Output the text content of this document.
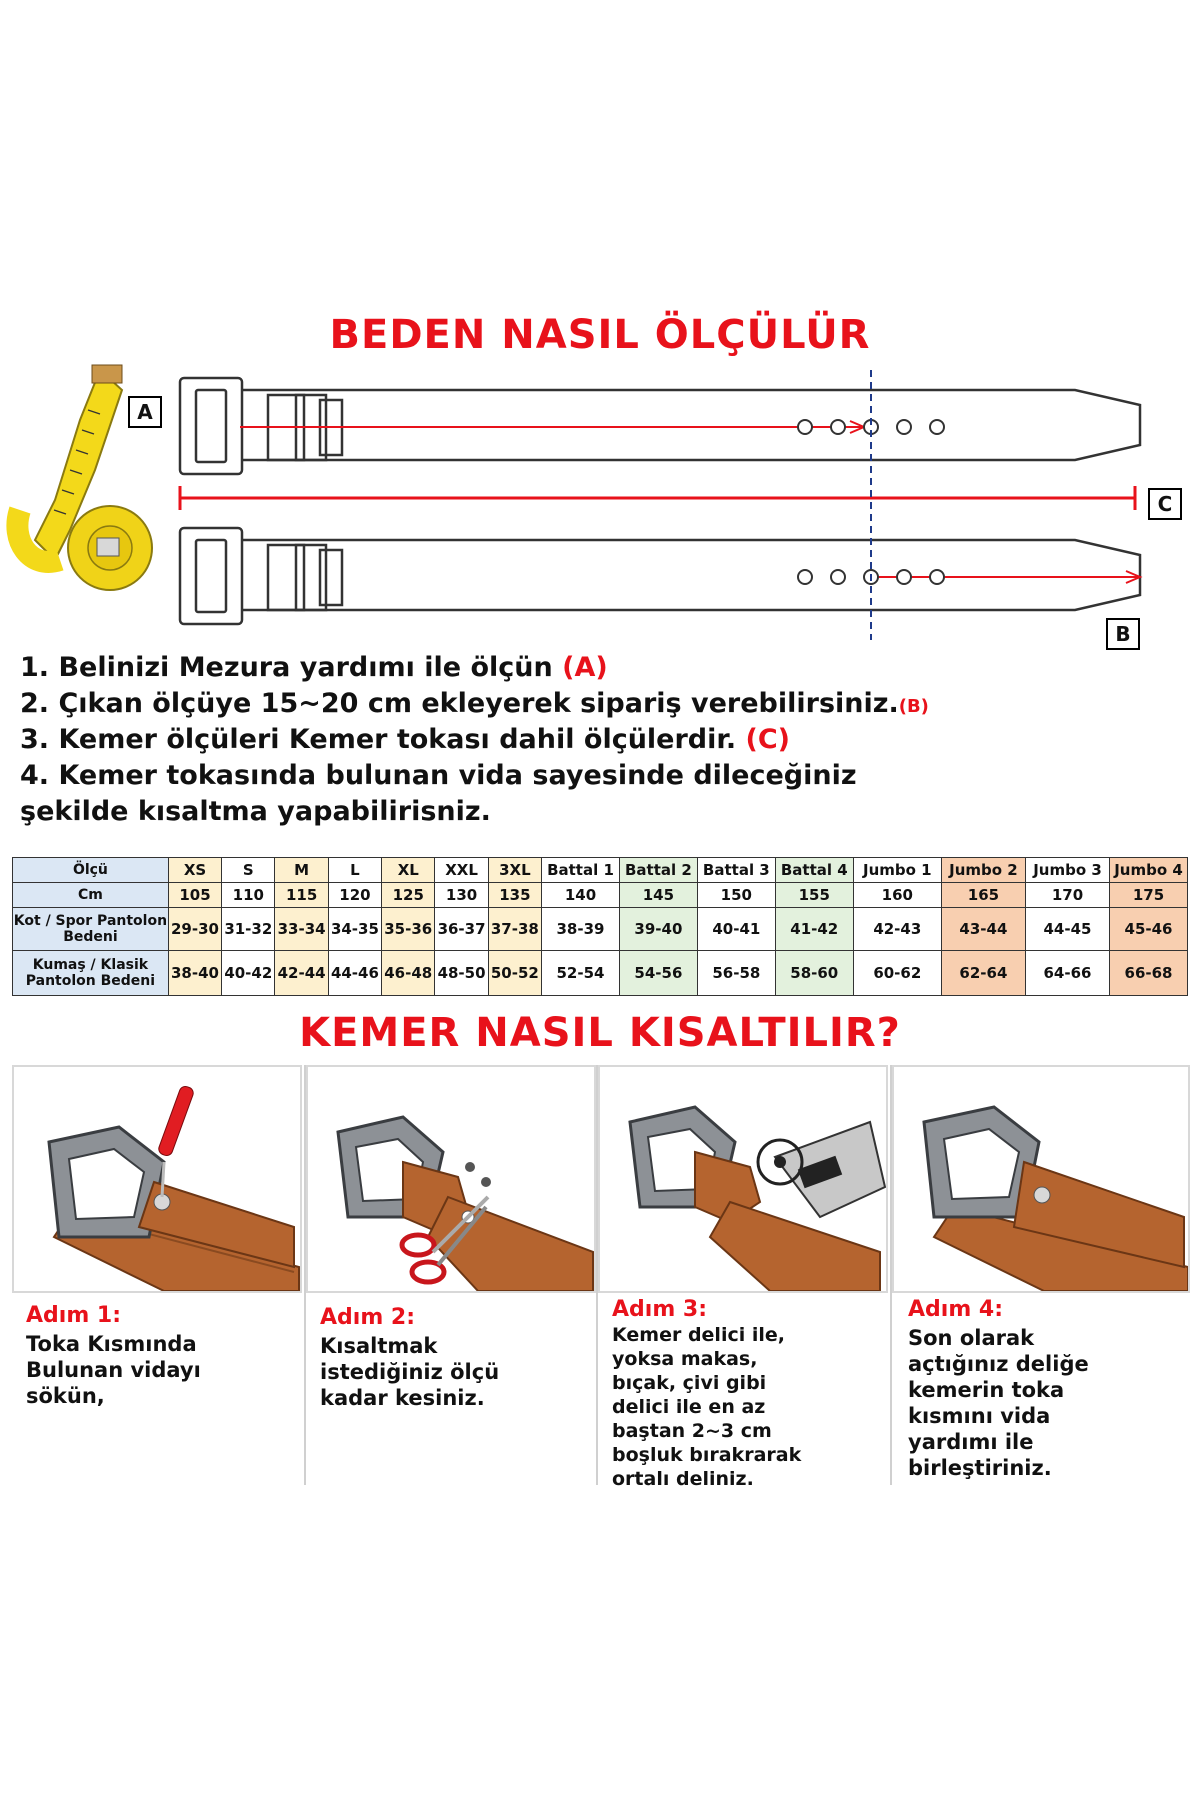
BEDEN NASIL ÖLÇÜLÜR
A
C
B
1. Belinizi Mezura yardımı ile ölçün (A)
2. Çıkan ölçüye 15~20 cm ekleyerek sipariş verebilirsiniz.(B)
3. Kemer ölçüleri Kemer tokası dahil ölçülerdir. (C)
4. Kemer tokasında bulunan vida sayesinde dileceğiniz
şekilde kısaltma yapabilirisniz.
Ölçü	XS	S	M	L	XL	XXL	3XL	Battal 1	Battal 2	Battal 3	Battal 4	Jumbo 1	Jumbo 2	Jumbo 3	Jumbo 4
Cm	105	110	115	120	125	130	135	140	145	150	155	160	165	170	175
Kot / Spor Pantolon Bedeni	29-30	31-32	33-34	34-35	35-36	36-37	37-38	38-39	39-40	40-41	41-42	42-43	43-44	44-45	45-46
Kumaş / Klasik Pantolon Bedeni	38-40	40-42	42-44	44-46	46-48	48-50	50-52	52-54	54-56	56-58	58-60	60-62	62-64	64-66	66-68
KEMER NASIL KISALTILIR?
Adım 1:
Toka Kısmında
Bulunan vidayı
sökün,
Adım 2:
Kısaltmak
istediğiniz ölçü
kadar kesiniz.
Adım 3:
Kemer delici ile,
yoksa makas,
bıçak, çivi gibi
delici ile en az
baştan 2~3 cm
boşluk bırakrarak
ortalı deliniz.
Adım 4:
Son olarak
açtığınız deliğe
kemerin toka
kısmını vida
yardımı ile
birleştiriniz.
